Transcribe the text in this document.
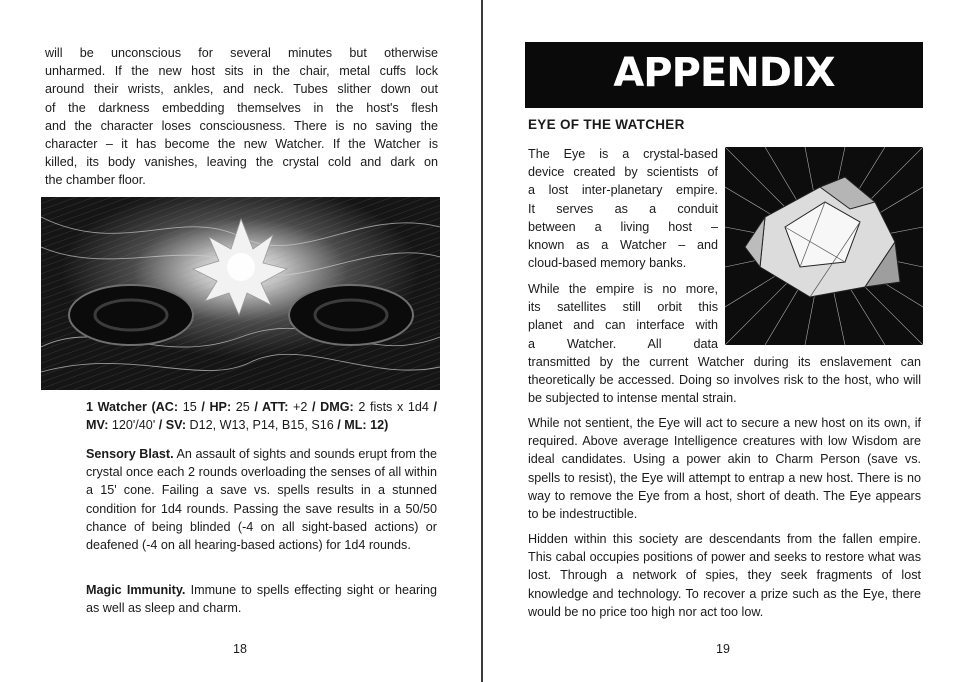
will be unconscious for several minutes but otherwise
unharmed. If the new host sits in the chair, metal cuffs lock
around their wrists, ankles, and neck. Tubes slither down out
of the darkness embedding themselves in the host's flesh
and the character loses consciousness. There is no saving the
character – it has become the new Watcher. If the Watcher is
killed, its body vanishes, leaving the crystal cold and dark on
the chamber floor.
1 Watcher (AC: 15 / HP: 25 / ATT: +2 / DMG: 2 fists x 1d4 / MV: 120'/40' / SV: D12, W13, P14, B15, S16 / ML: 12)
Sensory Blast. An assault of sights and sounds erupt from the crystal once each 2 rounds overloading the senses of all within a 15' cone. Failing a save vs. spells results in a stunned condition for 1d4 rounds. Passing the save results in a 50/50 chance of being blinded (-4 on all sight-based actions) or deafened (-4 on all hearing-based actions) for 1d4 rounds.
Magic Immunity. Immune to spells effecting sight or hearing as well as sleep and charm.
18
APPENDIX
EYE OF THE WATCHER
The Eye is a crystal-based
device created by scientists of
a lost inter-planetary empire.
It serves as a conduit
between a living host –
known as a Watcher – and
cloud-based memory banks.
While the empire is no more,
its satellites still orbit this
planet and can interface with
a Watcher. All data
transmitted by the current Watcher during its enslavement can theoretically be accessed. Doing so involves risk to the host, who will be subjected to intense mental strain.
While not sentient, the Eye will act to secure a new host on its own, if required. Above average Intelligence creatures with low Wisdom are ideal candidates. Using a power akin to Charm Person (save vs. spells to resist), the Eye will attempt to entrap a new host. There is no way to remove the Eye from a host, short of death. The Eye appears to be indestructible.
Hidden within this society are descendants from the fallen empire. This cabal occupies positions of power and seeks to restore what was lost. Through a network of spies, they seek fragments of lost knowledge and technology. To recover a prize such as the Eye, there would be no price too high nor act too low.
19
